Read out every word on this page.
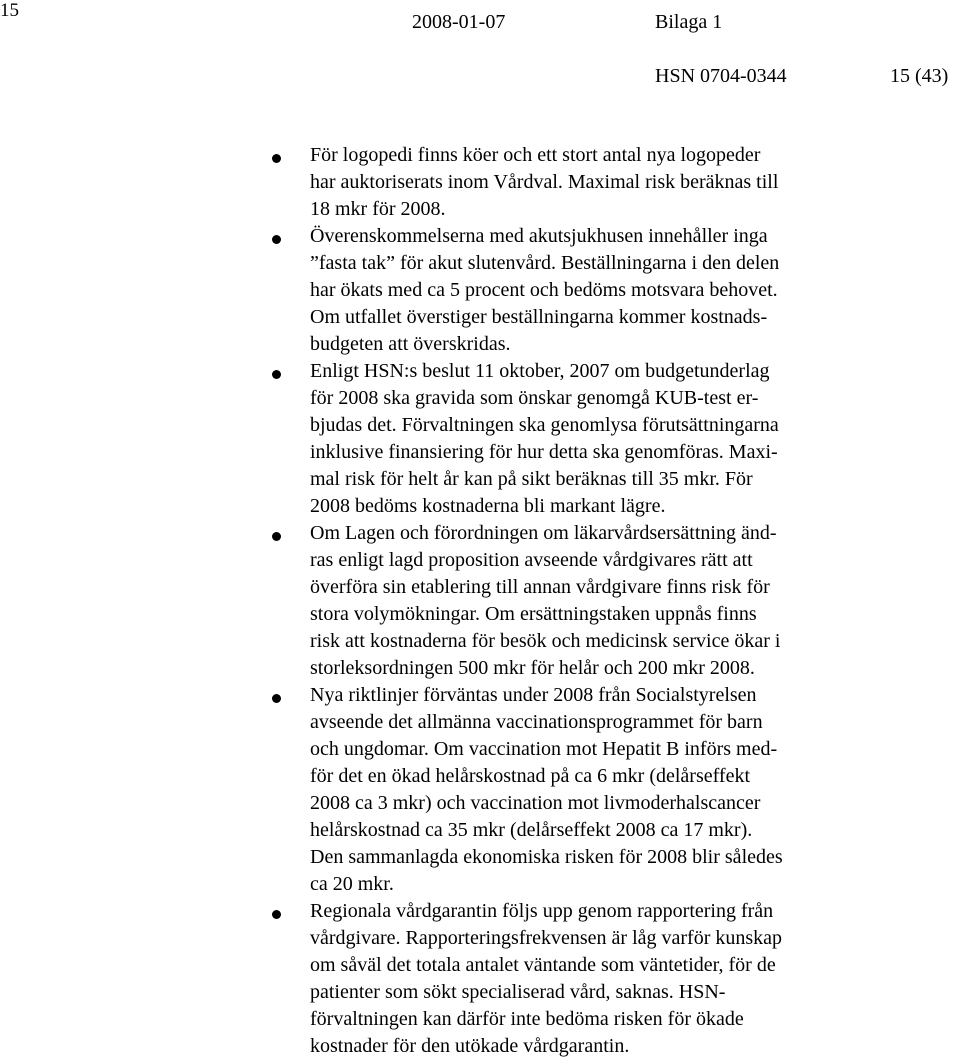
15
2008-01-07	Bilaga 1
HSN 0704-0344	15 (43)
För logopedi finns köer och ett stort antal nya logopeder
har auktoriserats inom Vårdval. Maximal risk beräknas till
18 mkr för 2008.
Överenskommelserna med akutsjukhusen innehåller inga
”fasta tak” för akut slutenvård. Beställningarna i den delen
har ökats med ca 5 procent och bedöms motsvara behovet.
Om utfallet överstiger beställningarna kommer kostnads-
budgeten att överskridas.
Enligt HSN:s beslut 11 oktober, 2007 om budgetunderlag
för 2008 ska gravida som önskar genomgå KUB-test er-
bjudas det. Förvaltningen ska genomlysa förutsättningarna
inklusive finansiering för hur detta ska genomföras. Maxi-
mal risk för helt år kan på sikt beräknas till 35 mkr. För
2008 bedöms kostnaderna bli markant lägre.
Om Lagen och förordningen om läkarvårdsersättning änd-
ras enligt lagd proposition avseende vårdgivares rätt att
överföra sin etablering till annan vårdgivare finns risk för
stora volymökningar. Om ersättningstaken uppnås finns
risk att kostnaderna för besök och medicinsk service ökar i
storleksordningen 500 mkr för helår och 200 mkr 2008.
Nya riktlinjer förväntas under 2008 från Socialstyrelsen
avseende det allmänna vaccinationsprogrammet för barn
och ungdomar. Om vaccination mot Hepatit B införs med-
för det en ökad helårskostnad på ca 6 mkr (delårseffekt
2008 ca 3 mkr) och vaccination mot livmoderhalscancer
helårskostnad ca 35 mkr (delårseffekt 2008 ca 17 mkr).
Den sammanlagda ekonomiska risken för 2008 blir således
ca 20 mkr.
Regionala vårdgarantin följs upp genom rapportering från
vårdgivare. Rapporteringsfrekvensen är låg varför kunskap
om såväl det totala antalet väntande som väntetider, för de
patienter som sökt specialiserad vård, saknas. HSN-
förvaltningen kan därför inte bedöma risken för ökade
kostnader för den utökade vårdgarantin.
